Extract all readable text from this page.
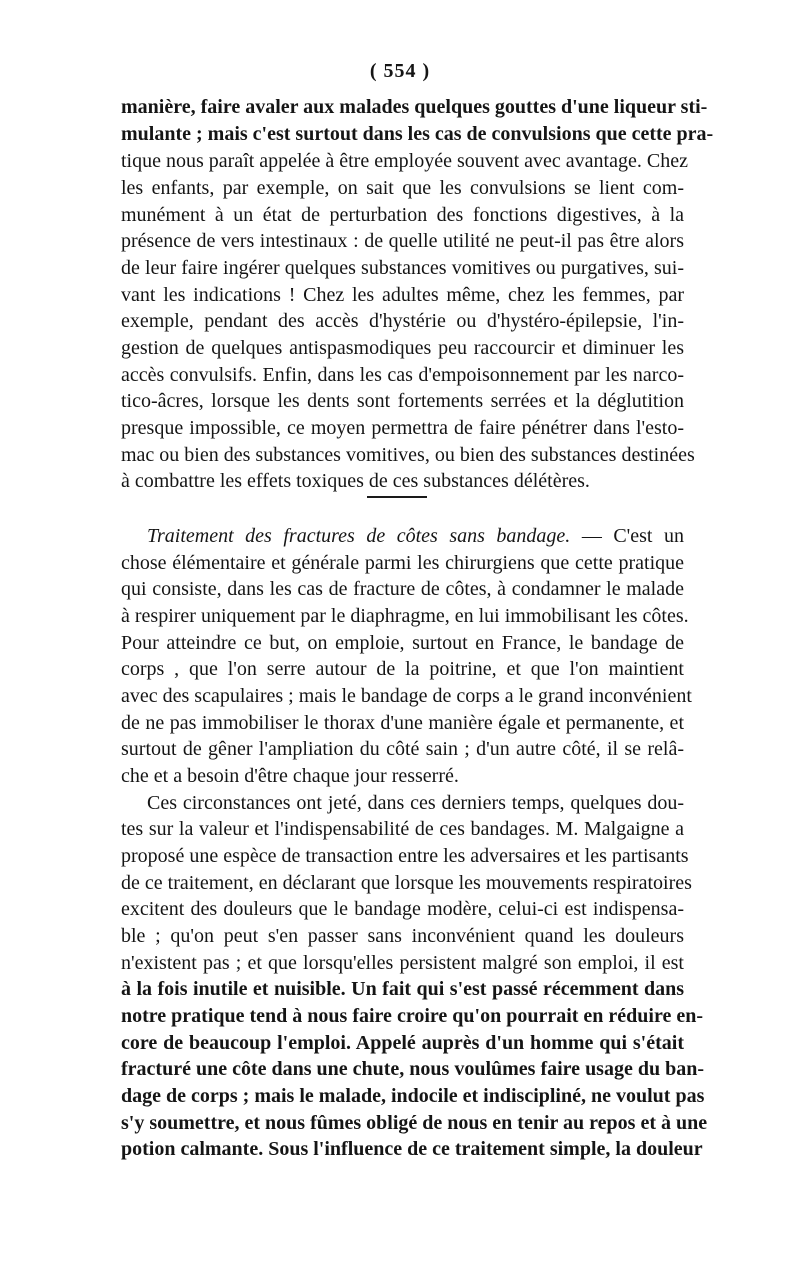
( 554 )
manière, faire avaler aux malades quelques gouttes d'une liqueur sti-
mulante ; mais c'est surtout dans les cas de convulsions que cette pra-
tique nous paraît appelée à être employée souvent avec avantage. Chez
les enfants, par exemple, on sait que les convulsions se lient com-
munément à un état de perturbation des fonctions digestives, à la
présence de vers intestinaux : de quelle utilité ne peut-il pas être alors
de leur faire ingérer quelques substances vomitives ou purgatives, sui-
vant les indications ! Chez les adultes même, chez les femmes, par
exemple, pendant des accès d'hystérie ou d'hystéro-épilepsie, l'in-
gestion de quelques antispasmodiques peu raccourcir et diminuer les
accès convulsifs. Enfin, dans les cas d'empoisonnement par les narco-
tico-âcres, lorsque les dents sont fortements serrées et la déglutition
presque impossible, ce moyen permettra de faire pénétrer dans l'esto-
mac ou bien des substances vomitives, ou bien des substances destinées
à combattre les effets toxiques de ces substances délétères.
Traitement des fractures de côtes sans bandage. — C'est un
chose élémentaire et générale parmi les chirurgiens que cette pratique
qui consiste, dans les cas de fracture de côtes, à condamner le malade
à respirer uniquement par le diaphragme, en lui immobilisant les côtes.
Pour atteindre ce but, on emploie, surtout en France, le bandage de
corps , que l'on serre autour de la poitrine, et que l'on maintient
avec des scapulaires ; mais le bandage de corps a le grand inconvénient
de ne pas immobiliser le thorax d'une manière égale et permanente, et
surtout de gêner l'ampliation du côté sain ; d'un autre côté, il se relâ-
che et a besoin d'être chaque jour resserré.
Ces circonstances ont jeté, dans ces derniers temps, quelques dou-
tes sur la valeur et l'indispensabilité de ces bandages. M. Malgaigne a
proposé une espèce de transaction entre les adversaires et les partisants
de ce traitement, en déclarant que lorsque les mouvements respiratoires
excitent des douleurs que le bandage modère, celui-ci est indispensa-
ble ; qu'on peut s'en passer sans inconvénient quand les douleurs
n'existent pas ; et que lorsqu'elles persistent malgré son emploi, il est
à la fois inutile et nuisible. Un fait qui s'est passé récemment dans
notre pratique tend à nous faire croire qu'on pourrait en réduire en-
core de beaucoup l'emploi. Appelé auprès d'un homme qui s'était
fracturé une côte dans une chute, nous voulûmes faire usage du ban-
dage de corps ; mais le malade, indocile et indiscipliné, ne voulut pas
s'y soumettre, et nous fûmes obligé de nous en tenir au repos et à une
potion calmante. Sous l'influence de ce traitement simple, la douleur
